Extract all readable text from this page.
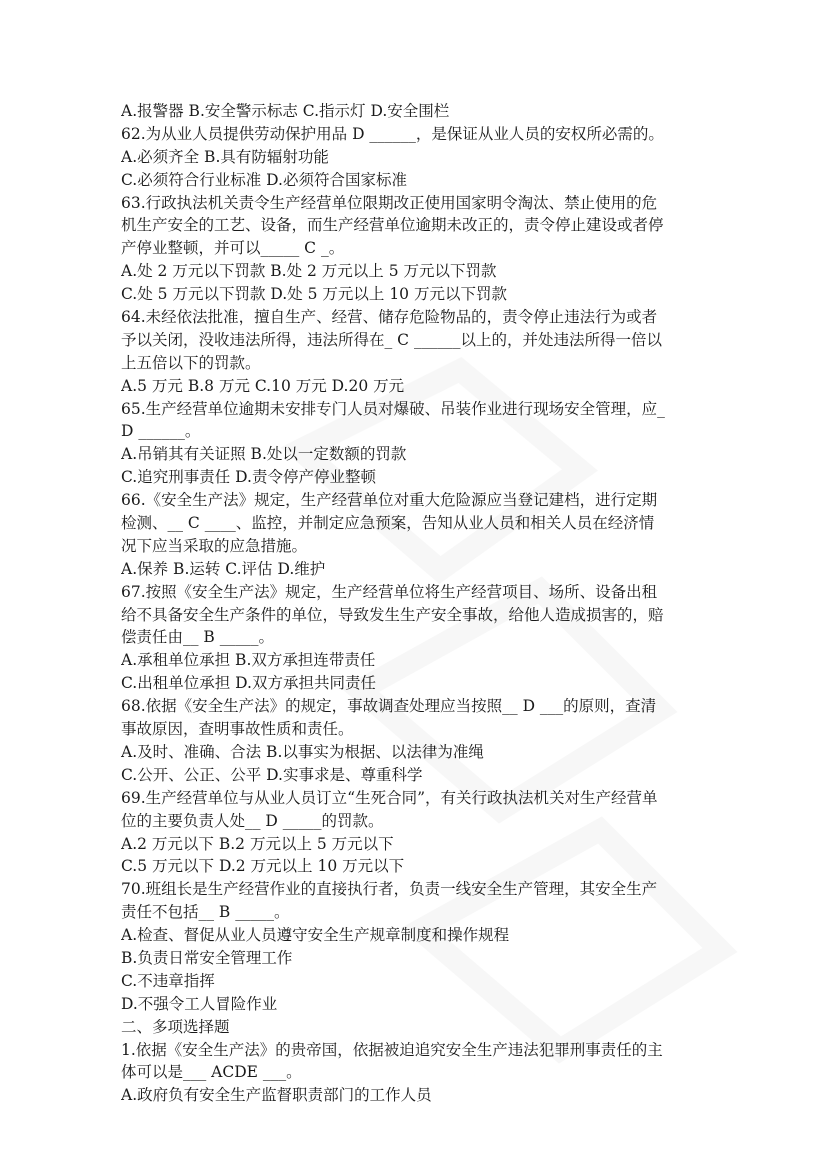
A.报警器 B.安全警示标志 C.指示灯 D.安全围栏
62.为从业人员提供劳动保护用品 D ______，是保证从业人员的安权所必需的。
A.必须齐全 B.具有防辐射功能
C.必须符合行业标准 D.必须符合国家标准
63.行政执法机关责令生产经营单位限期改正使用国家明令淘汰、禁止使用的危
机生产安全的工艺、设备，而生产经营单位逾期未改正的，责令停止建设或者停
产停业整顿，并可以_____ C _。
A.处 2 万元以下罚款 B.处 2 万元以上 5 万元以下罚款
C.处 5 万元以下罚款 D.处 5 万元以上 10 万元以下罚款
64.未经依法批准，擅自生产、经营、储存危险物品的，责令停止违法行为或者
予以关闭，没收违法所得，违法所得在_ C ______以上的，并处违法所得一倍以
上五倍以下的罚款。
A.5 万元 B.8 万元 C.10 万元 D.20 万元
65.生产经营单位逾期未安排专门人员对爆破、吊装作业进行现场安全管理，应_
D ______。
A.吊销其有关证照 B.处以一定数额的罚款
C.追究刑事责任 D.责令停产停业整顿
66.《安全生产法》规定，生产经营单位对重大危险源应当登记建档，进行定期
检测、__ C ____、监控，并制定应急预案，告知从业人员和相关人员在经济情
况下应当采取的应急措施。
A.保养 B.运转 C.评估 D.维护
67.按照《安全生产法》规定，生产经营单位将生产经营项目、场所、设备出租
给不具备安全生产条件的单位，导致发生生产安全事故，给他人造成损害的，赔
偿责任由__ B _____。
A.承租单位承担 B.双方承担连带责任
C.出租单位承担 D.双方承担共同责任
68.依据《安全生产法》的规定，事故调查处理应当按照__ D ___的原则，查清
事故原因，查明事故性质和责任。
A.及时、准确、合法 B.以事实为根据、以法律为准绳
C.公开、公正、公平 D.实事求是、尊重科学
69.生产经营单位与从业人员订立“生死合同”，有关行政执法机关对生产经营单
位的主要负责人处__ D _____的罚款。
A.2 万元以下 B.2 万元以上 5 万元以下
C.5 万元以下 D.2 万元以上 10 万元以下
70.班组长是生产经营作业的直接执行者，负责一线安全生产管理，其安全生产
责任不包括__ B _____。
A.检查、督促从业人员遵守安全生产规章制度和操作规程
B.负责日常安全管理工作
C.不违章指挥
D.不强令工人冒险作业
二、多项选择题
1.依据《安全生产法》的贵帝国，依据被迫追究安全生产违法犯罪刑事责任的主
体可以是___ ACDE ___。
A.政府负有安全生产监督职责部门的工作人员
